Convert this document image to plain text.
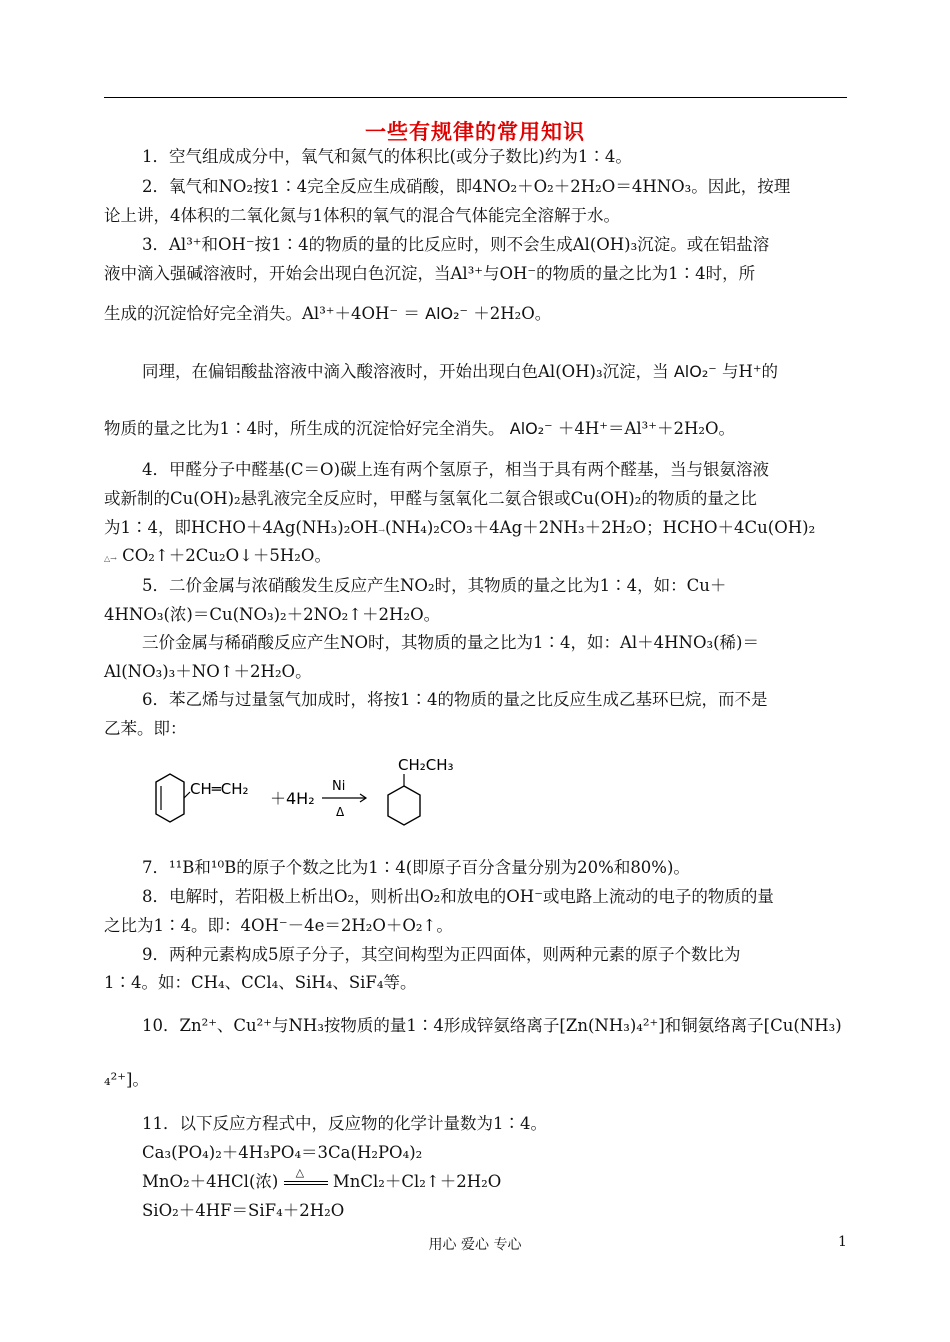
一些有规律的常用知识
1．空气组成成分中，氧气和氮气的体积比(或分子数比)约为1∶4。
2．氧气和NO₂按1∶4完全反应生成硝酸，即4NO₂＋O₂＋2H₂O＝4HNO₃。因此，按理
论上讲，4体积的二氧化氮与1体积的氧气的混合气体能完全溶解于水。
3．Al³⁺和OH⁻按1∶4的物质的量的比反应时，则不会生成Al(OH)₃沉淀。或在铝盐溶
液中滴入强碱溶液时，开始会出现白色沉淀，当Al³⁺与OH⁻的物质的量之比为1∶4时，所
生成的沉淀恰好完全消失。Al³⁺＋4OH⁻ ＝ AlO₂⁻ ＋2H₂O。
同理，在偏铝酸盐溶液中滴入酸溶液时，开始出现白色Al(OH)₃沉淀，当 AlO₂⁻ 与H⁺的
物质的量之比为1∶4时，所生成的沉淀恰好完全消失。 AlO₂⁻ ＋4H⁺＝Al³⁺＋2H₂O。
4．甲醛分子中醛基(C＝O)碳上连有两个氢原子，相当于具有两个醛基，当与银氨溶液
或新制的Cu(OH)₂悬乳液完全反应时，甲醛与氢氧化二氨合银或Cu(OH)₂的物质的量之比
为1∶4，即HCHO＋4Ag(NH₃)₂OH→(NH₄)₂CO₃＋4Ag＋2NH₃＋2H₂O；HCHO＋4Cu(OH)₂
△→ CO₂↑＋2Cu₂O↓＋5H₂O。
5．二价金属与浓硝酸发生反应产生NO₂时，其物质的量之比为1∶4，如：Cu＋
4HNO₃(浓)＝Cu(NO₃)₂＋2NO₂↑＋2H₂O。
三价金属与稀硝酸反应产生NO时，其物质的量之比为1∶4，如：Al＋4HNO₃(稀)＝
Al(NO₃)₃＋NO↑＋2H₂O。
6．苯乙烯与过量氢气加成时，将按1∶4的物质的量之比反应生成乙基环巳烷，而不是
乙苯。即：
CH═CH₂ ＋4H₂
Ni
Δ
CH₂CH₃
7．¹¹B和¹⁰B的原子个数之比为1∶4(即原子百分含量分别为20%和80%)。
8．电解时，若阳极上析出O₂，则析出O₂和放电的OH⁻或电路上流动的电子的物质的量
之比为1∶4。即：4OH⁻－4e＝2H₂O＋O₂↑。
9．两种元素构成5原子分子，其空间构型为正四面体，则两种元素的原子个数比为
1∶4。如：CH₄、CCl₄、SiH₄、SiF₄等。
10．Zn²⁺、Cu²⁺与NH₃按物质的量1∶4形成锌氨络离子[Zn(NH₃)₄²⁺]和铜氨络离子[Cu(NH₃)
₄²⁺]。
11．以下反应方程式中，反应物的化学计量数为1∶4。
Ca₃(PO₄)₂＋4H₃PO₄＝3Ca(H₂PO₄)₂
MnO₂＋4HCl(浓) △ MnCl₂＋Cl₂↑＋2H₂O
SiO₂＋4HF＝SiF₄＋2H₂O
用心 爱心 专心	1
